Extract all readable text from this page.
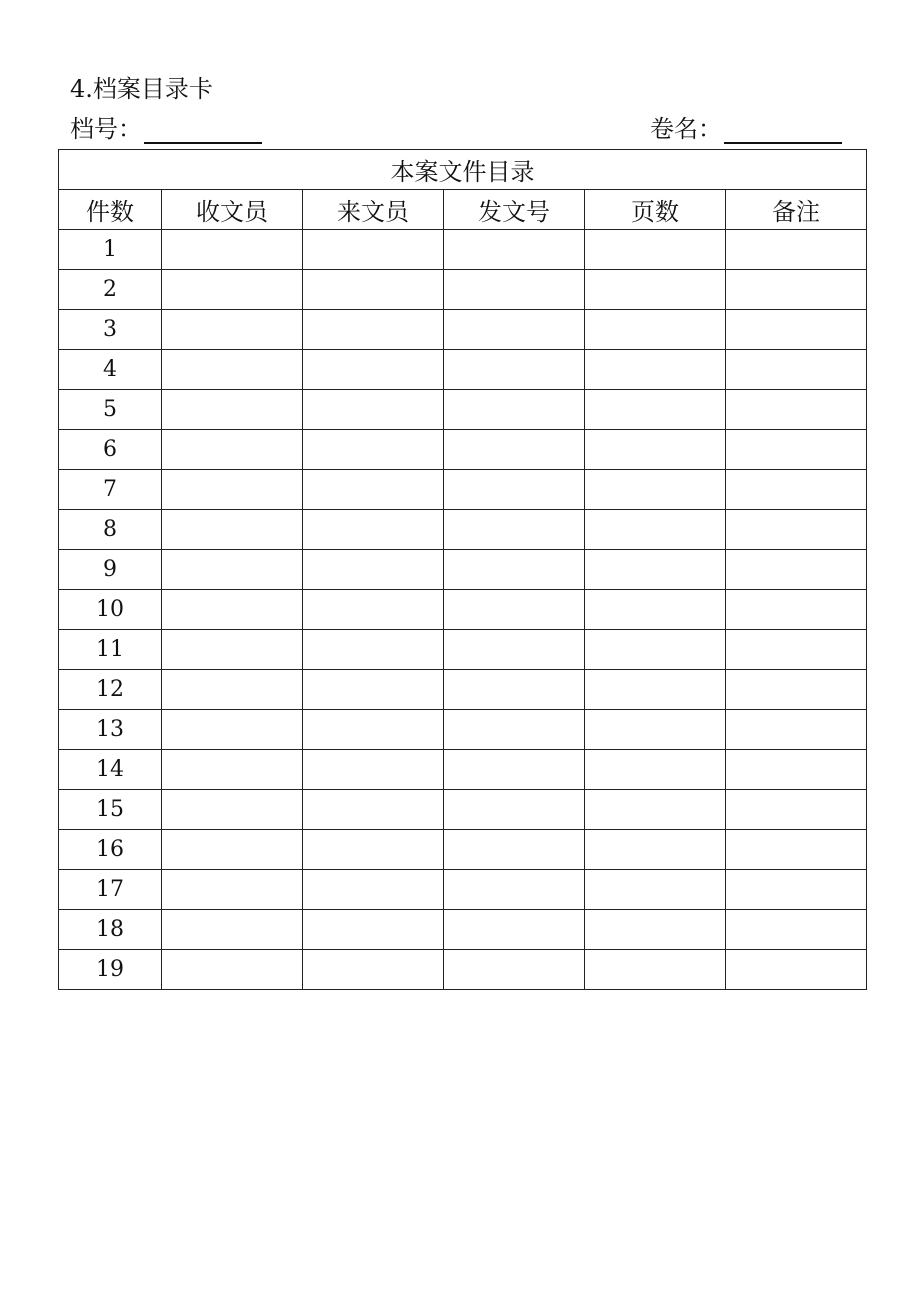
4.档案目录卡
档号：	卷名：
本案文件目录					
件数	收文员	来文员	发文号	页数	备注
1					
2					
3					
4					
5					
6					
7					
8					
9					
10					
11					
12					
13					
14					
15					
16					
17					
18					
19					
